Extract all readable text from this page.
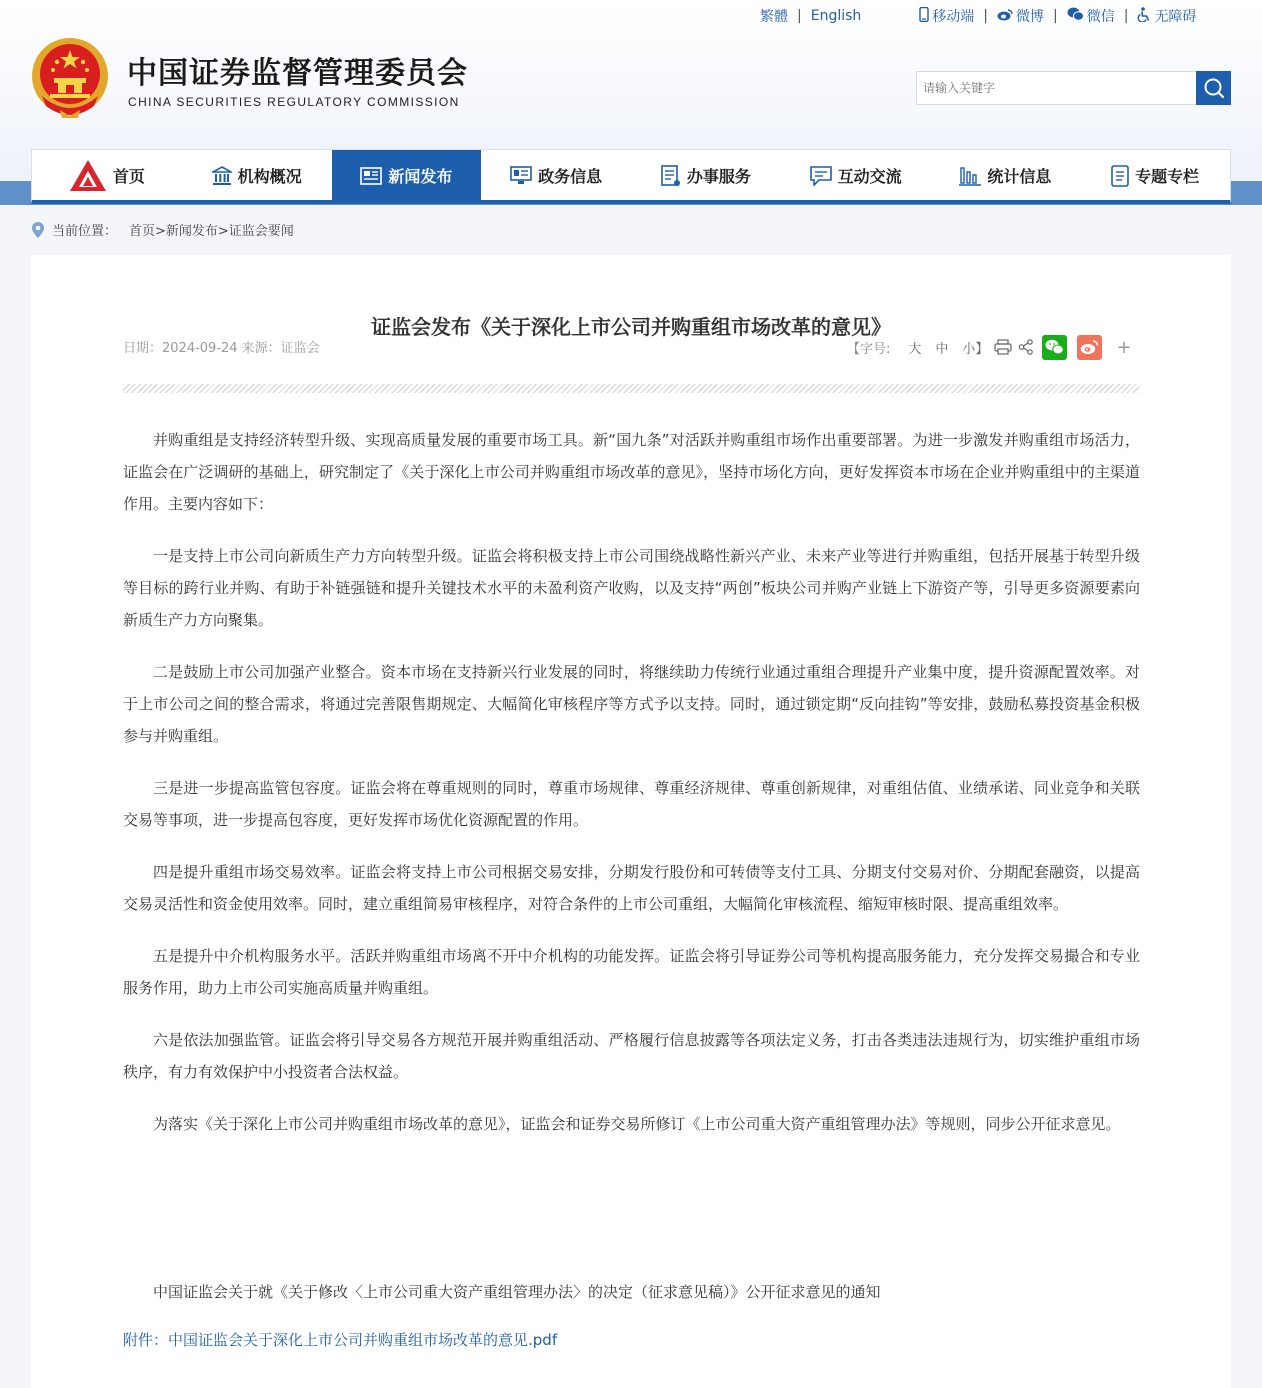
繁體 | English	移动端 | 微博 | 微信 | 无障碍
中国证券监督管理委员会
CHINA SECURITIES REGULATORY COMMISSION
请输入关键字
首页	机构概况	新闻发布	政务信息	办事服务	互动交流	统计信息	专题专栏
当前位置： 首页>新闻发布>证监会要闻
证监会发布《关于深化上市公司并购重组市场改革的意见》
日期：2024-09-24 来源：证监会	【字号: 大 中 小】	+

并购重组是支持经济转型升级、实现高质量发展的重要市场工具。新“国九条”对活跃并购重组市场作出重要部署。为进一步激发并购重组市场活力，证监会在广泛调研的基础上，研究制定了《关于深化上市公司并购重组市场改革的意见》，坚持市场化方向，更好发挥资本市场在企业并购重组中的主渠道作用。主要内容如下：

一是支持上市公司向新质生产力方向转型升级。证监会将积极支持上市公司围绕战略性新兴产业、未来产业等进行并购重组，包括开展基于转型升级等目标的跨行业并购、有助于补链强链和提升关键技术水平的未盈利资产收购，以及支持“两创”板块公司并购产业链上下游资产等，引导更多资源要素向新质生产力方向聚集。

二是鼓励上市公司加强产业整合。资本市场在支持新兴行业发展的同时，将继续助力传统行业通过重组合理提升产业集中度，提升资源配置效率。对于上市公司之间的整合需求，将通过完善限售期规定、大幅简化审核程序等方式予以支持。同时，通过锁定期“反向挂钩”等安排，鼓励私募投资基金积极参与并购重组。

三是进一步提高监管包容度。证监会将在尊重规则的同时，尊重市场规律、尊重经济规律、尊重创新规律，对重组估值、业绩承诺、同业竞争和关联交易等事项，进一步提高包容度，更好发挥市场优化资源配置的作用。

四是提升重组市场交易效率。证监会将支持上市公司根据交易安排，分期发行股份和可转债等支付工具、分期支付交易对价、分期配套融资，以提高交易灵活性和资金使用效率。同时，建立重组简易审核程序，对符合条件的上市公司重组，大幅简化审核流程、缩短审核时限、提高重组效率。

五是提升中介机构服务水平。活跃并购重组市场离不开中介机构的功能发挥。证监会将引导证券公司等机构提高服务能力，充分发挥交易撮合和专业服务作用，助力上市公司实施高质量并购重组。

六是依法加强监管。证监会将引导交易各方规范开展并购重组活动、严格履行信息披露等各项法定义务，打击各类违法违规行为，切实维护重组市场秩序，有力有效保护中小投资者合法权益。

为落实《关于深化上市公司并购重组市场改革的意见》，证监会和证券交易所修订《上市公司重大资产重组管理办法》等规则，同步公开征求意见。

中国证监会关于就《关于修改〈上市公司重大资产重组管理办法〉的决定（征求意见稿）》公开征求意见的通知
附件： 中国证监会关于深化上市公司并购重组市场改革的意见.pdf
